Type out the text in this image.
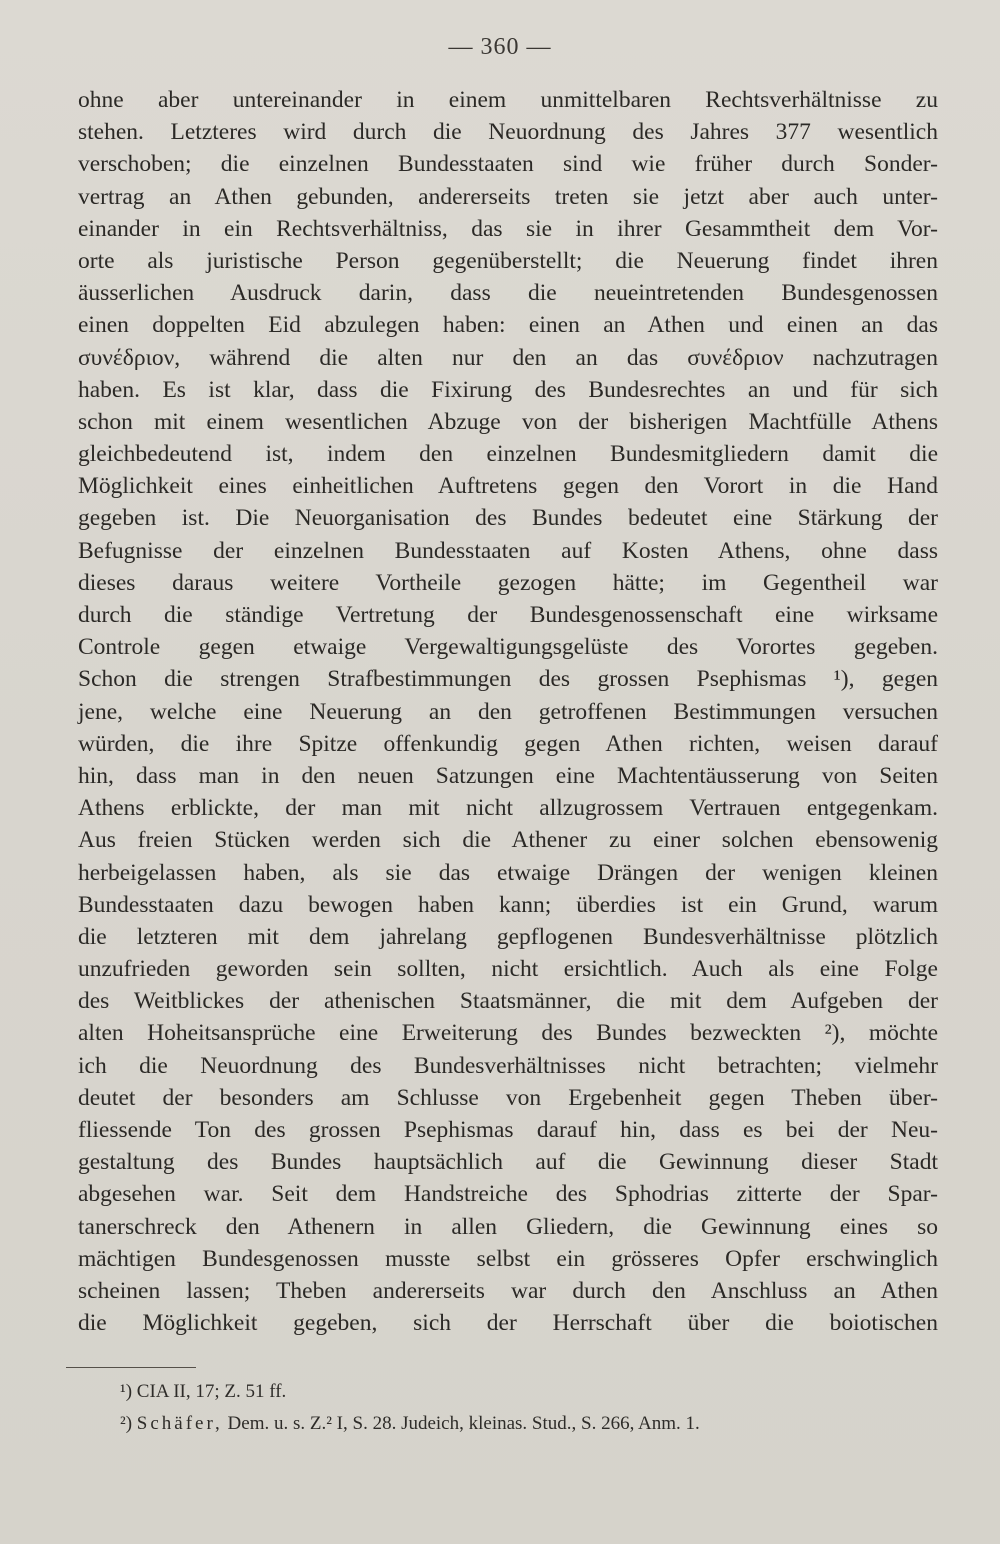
— 360 —
ohne aber untereinander in einem unmittelbaren Rechtsverhältnisse zu
stehen. Letzteres wird durch die Neuordnung des Jahres 377 wesentlich
verschoben; die einzelnen Bundesstaaten sind wie früher durch Sonder-
vertrag an Athen gebunden, andererseits treten sie jetzt aber auch unter-
einander in ein Rechtsverhältniss, das sie in ihrer Gesammtheit dem Vor-
orte als juristische Person gegenüberstellt; die Neuerung findet ihren
äusserlichen Ausdruck darin, dass die neueintretenden Bundesgenossen
einen doppelten Eid abzulegen haben: einen an Athen und einen an das
συνέδριον, während die alten nur den an das συνέδριον nachzutragen
haben. Es ist klar, dass die Fixirung des Bundesrechtes an und für sich
schon mit einem wesentlichen Abzuge von der bisherigen Machtfülle Athens
gleichbedeutend ist, indem den einzelnen Bundesmitgliedern damit die
Möglichkeit eines einheitlichen Auftretens gegen den Vorort in die Hand
gegeben ist. Die Neuorganisation des Bundes bedeutet eine Stärkung der
Befugnisse der einzelnen Bundesstaaten auf Kosten Athens, ohne dass
dieses daraus weitere Vortheile gezogen hätte; im Gegentheil war
durch die ständige Vertretung der Bundesgenossenschaft eine wirksame
Controle gegen etwaige Vergewaltigungsgelüste des Vorortes gegeben.
Schon die strengen Strafbestimmungen des grossen Psephismas ¹), gegen
jene, welche eine Neuerung an den getroffenen Bestimmungen versuchen
würden, die ihre Spitze offenkundig gegen Athen richten, weisen darauf
hin, dass man in den neuen Satzungen eine Machtentäusserung von Seiten
Athens erblickte, der man mit nicht allzugrossem Vertrauen entgegenkam.
Aus freien Stücken werden sich die Athener zu einer solchen ebensowenig
herbeigelassen haben, als sie das etwaige Drängen der wenigen kleinen
Bundesstaaten dazu bewogen haben kann; überdies ist ein Grund, warum
die letzteren mit dem jahrelang gepflogenen Bundesverhältnisse plötzlich
unzufrieden geworden sein sollten, nicht ersichtlich. Auch als eine Folge
des Weitblickes der athenischen Staatsmänner, die mit dem Aufgeben der
alten Hoheitsansprüche eine Erweiterung des Bundes bezweckten ²), möchte
ich die Neuordnung des Bundesverhältnisses nicht betrachten; vielmehr
deutet der besonders am Schlusse von Ergebenheit gegen Theben über-
fliessende Ton des grossen Psephismas darauf hin, dass es bei der Neu-
gestaltung des Bundes hauptsächlich auf die Gewinnung dieser Stadt
abgesehen war. Seit dem Handstreiche des Sphodrias zitterte der Spar-
tanerschreck den Athenern in allen Gliedern, die Gewinnung eines so
mächtigen Bundesgenossen musste selbst ein grösseres Opfer erschwinglich
scheinen lassen; Theben andererseits war durch den Anschluss an Athen
die Möglichkeit gegeben, sich der Herrschaft über die boiotischen
¹) CIA II, 17; Z. 51 ff.
²) Schäfer, Dem. u. s. Z.² I, S. 28. Judeich, kleinas. Stud., S. 266, Anm. 1.
